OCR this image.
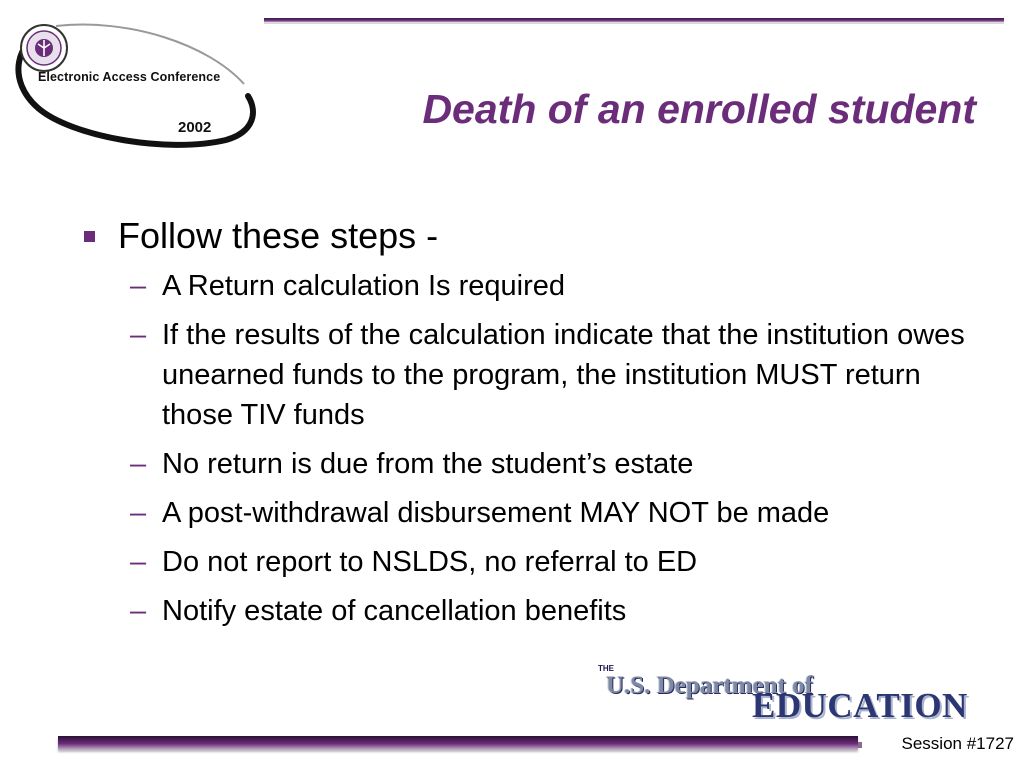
Electronic Access Conference
2002	Death of an enrolled student
Follow these steps -
– A Return calculation Is required
– If the results of the calculation indicate that the institution owes unearned funds to the program, the institution MUST return those TIV funds
– No return is due from the student’s estate
– A post-withdrawal disbursement MAY NOT be made
– Do not report to NSLDS, no referral to ED
– Notify estate of cancellation benefits
THE
U.S. Department of
EDUCATION
Session #1727
